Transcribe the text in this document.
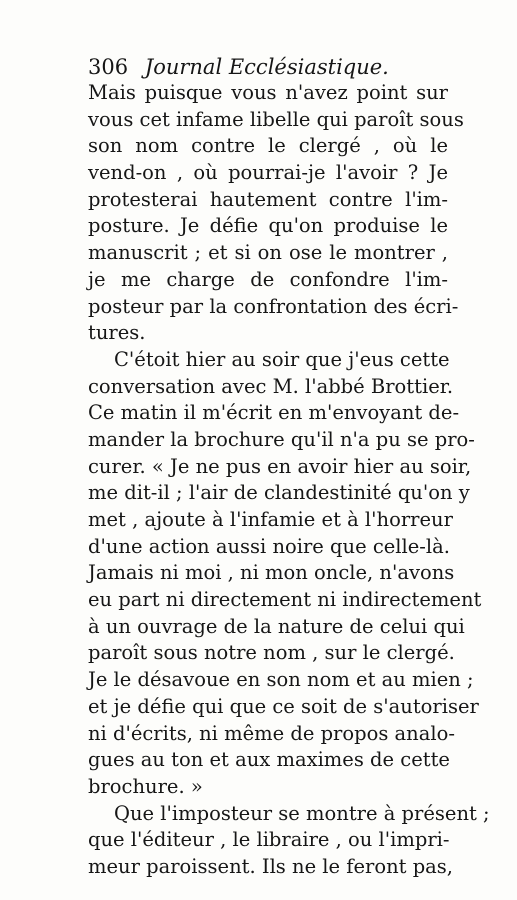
306 Journal Ecclésiastique.
Mais puisque vous n'avez point sur
vous cet infame libelle qui paroît sous
son nom contre le clergé , où le
vend-on , où pourrai-je l'avoir ? Je
protesterai hautement contre l'im-
posture. Je défie qu'on produise le
manuscrit ; et si on ose le montrer ,
je me charge de confondre l'im-
posteur par la confrontation des écri-
tures.
C'étoit hier au soir que j'eus cette
conversation avec M. l'abbé Brottier.
Ce matin il m'écrit en m'envoyant de-
mander la brochure qu'il n'a pu se pro-
curer. « Je ne pus en avoir hier au soir,
me dit-il ; l'air de clandestinité qu'on y
met , ajoute à l'infamie et à l'horreur
d'une action aussi noire que celle-là.
Jamais ni moi , ni mon oncle, n'avons
eu part ni directement ni indirectement
à un ouvrage de la nature de celui qui
paroît sous notre nom , sur le clergé.
Je le désavoue en son nom et au mien ;
et je défie qui que ce soit de s'autoriser
ni d'écrits, ni même de propos analo-
gues au ton et aux maximes de cette
brochure. »
Que l'imposteur se montre à présent ;
que l'éditeur , le libraire , ou l'impri-
meur paroissent. Ils ne le feront pas,
